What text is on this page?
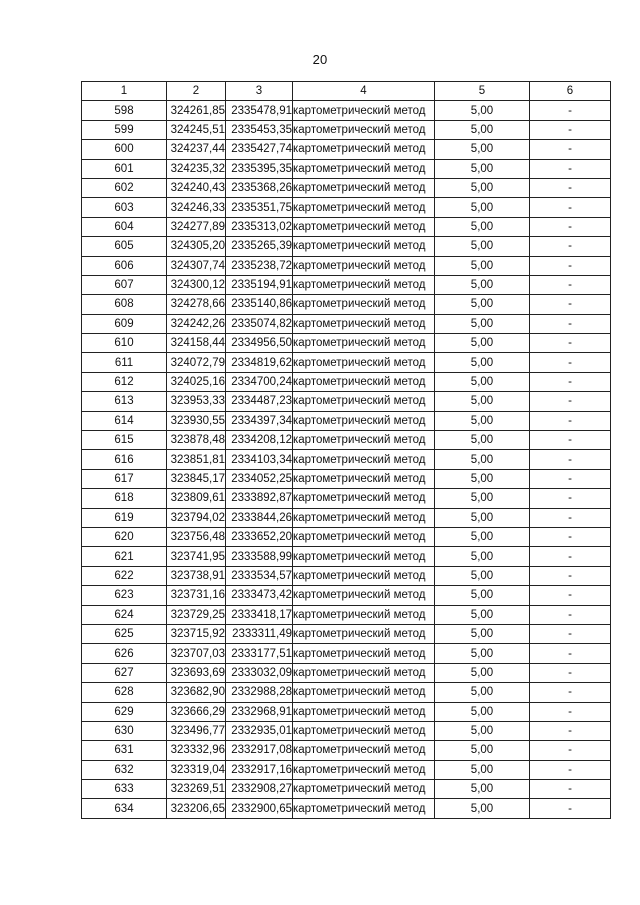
20
1	2	3	4	5	6
598	324261,85	2335478,91	картометрический метод	5,00	-
599	324245,51	2335453,35	картометрический метод	5,00	-
600	324237,44	2335427,74	картометрический метод	5,00	-
601	324235,32	2335395,35	картометрический метод	5,00	-
602	324240,43	2335368,26	картометрический метод	5,00	-
603	324246,33	2335351,75	картометрический метод	5,00	-
604	324277,89	2335313,02	картометрический метод	5,00	-
605	324305,20	2335265,39	картометрический метод	5,00	-
606	324307,74	2335238,72	картометрический метод	5,00	-
607	324300,12	2335194,91	картометрический метод	5,00	-
608	324278,66	2335140,86	картометрический метод	5,00	-
609	324242,26	2335074,82	картометрический метод	5,00	-
610	324158,44	2334956,50	картометрический метод	5,00	-
611	324072,79	2334819,62	картометрический метод	5,00	-
612	324025,16	2334700,24	картометрический метод	5,00	-
613	323953,33	2334487,23	картометрический метод	5,00	-
614	323930,55	2334397,34	картометрический метод	5,00	-
615	323878,48	2334208,12	картометрический метод	5,00	-
616	323851,81	2334103,34	картометрический метод	5,00	-
617	323845,17	2334052,25	картометрический метод	5,00	-
618	323809,61	2333892,87	картометрический метод	5,00	-
619	323794,02	2333844,26	картометрический метод	5,00	-
620	323756,48	2333652,20	картометрический метод	5,00	-
621	323741,95	2333588,99	картометрический метод	5,00	-
622	323738,91	2333534,57	картометрический метод	5,00	-
623	323731,16	2333473,42	картометрический метод	5,00	-
624	323729,25	2333418,17	картометрический метод	5,00	-
625	323715,92	2333311,49	картометрический метод	5,00	-
626	323707,03	2333177,51	картометрический метод	5,00	-
627	323693,69	2333032,09	картометрический метод	5,00	-
628	323682,90	2332988,28	картометрический метод	5,00	-
629	323666,29	2332968,91	картометрический метод	5,00	-
630	323496,77	2332935,01	картометрический метод	5,00	-
631	323332,96	2332917,08	картометрический метод	5,00	-
632	323319,04	2332917,16	картометрический метод	5,00	-
633	323269,51	2332908,27	картометрический метод	5,00	-
634	323206,65	2332900,65	картометрический метод	5,00	-
